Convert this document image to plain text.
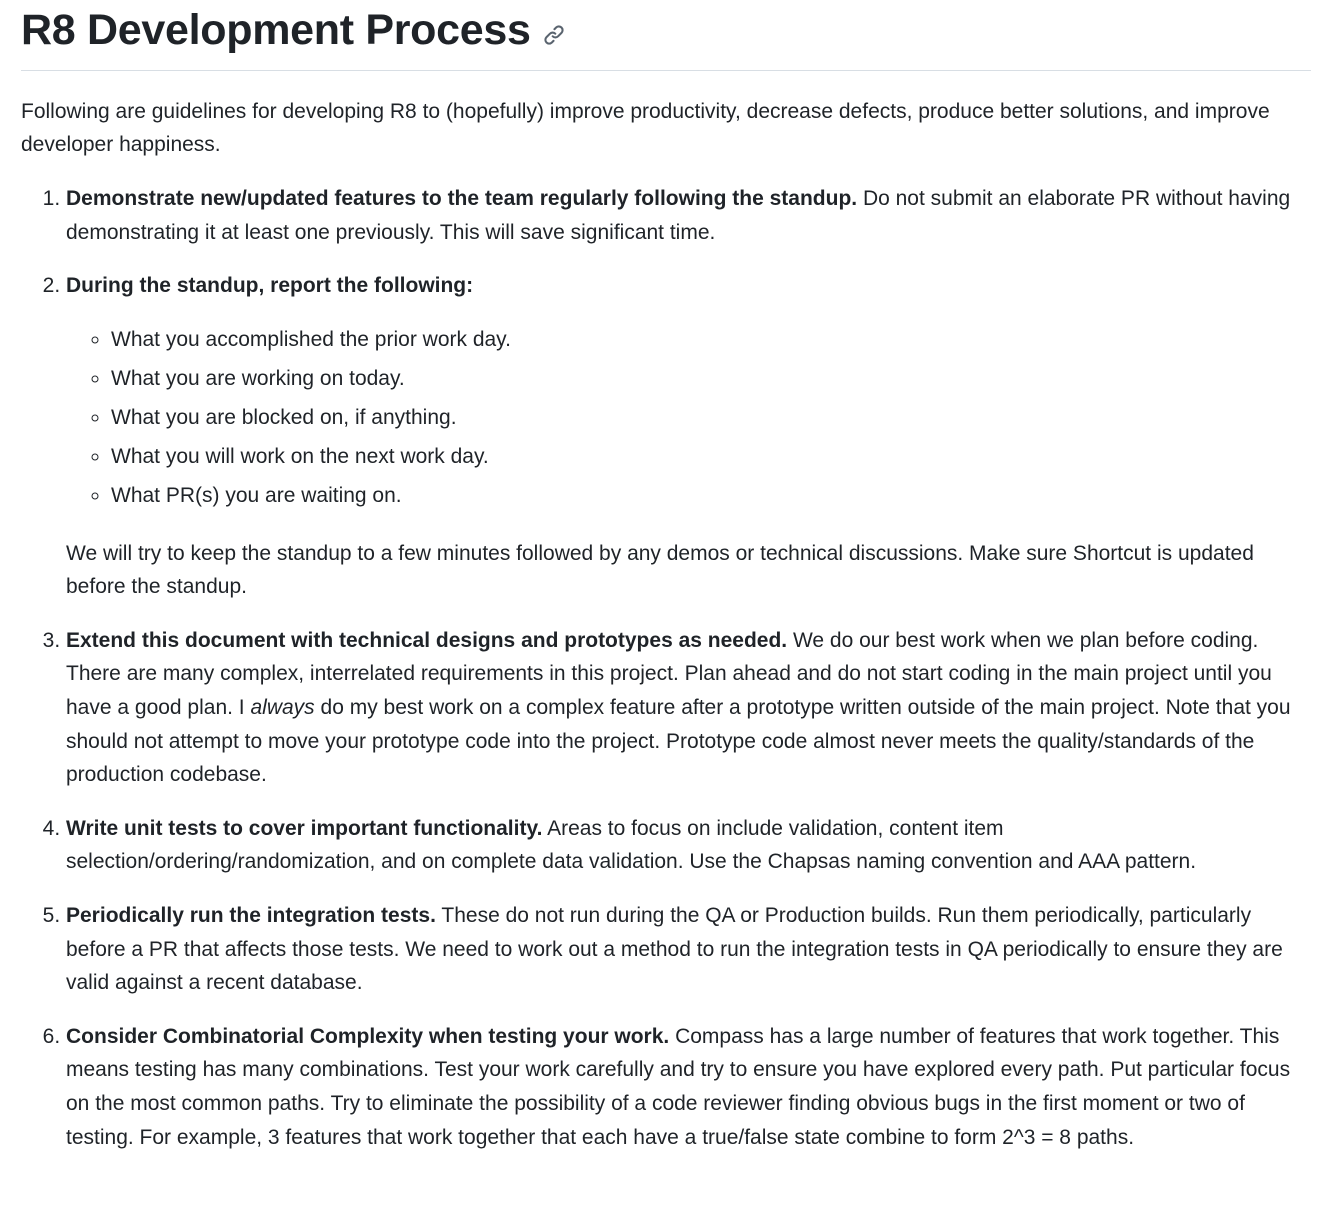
R8 Development Process

Following are guidelines for developing R8 to (hopefully) improve productivity, decrease defects, produce better solutions, and improve developer happiness.

1. Demonstrate new/updated features to the team regularly following the standup. Do not submit an elaborate PR without having demonstrating it at least one previously. This will save significant time.
2. During the standup, report the following:
◦ What you accomplished the prior work day.
◦ What you are working on today.
◦ What you are blocked on, if anything.
◦ What you will work on the next work day.
◦ What PR(s) you are waiting on.

We will try to keep the standup to a few minutes followed by any demos or technical discussions. Make sure Shortcut is updated before the standup.

3. Extend this document with technical designs and prototypes as needed. We do our best work when we plan before coding. There are many complex, interrelated requirements in this project. Plan ahead and do not start coding in the main project until you have a good plan. I always do my best work on a complex feature after a prototype written outside of the main project. Note that you should not attempt to move your prototype code into the project. Prototype code almost never meets the quality/standards of the production codebase.
4. Write unit tests to cover important functionality. Areas to focus on include validation, content item selection/ordering/randomization, and on complete data validation. Use the Chapsas naming convention and AAA pattern.
5. Periodically run the integration tests. These do not run during the QA or Production builds. Run them periodically, particularly before a PR that affects those tests. We need to work out a method to run the integration tests in QA periodically to ensure they are valid against a recent database.
6. Consider Combinatorial Complexity when testing your work. Compass has a large number of features that work together. This means testing has many combinations. Test your work carefully and try to ensure you have explored every path. Put particular focus on the most common paths. Try to eliminate the possibility of a code reviewer finding obvious bugs in the first moment or two of testing. For example, 3 features that work together that each have a true/false state combine to form 2^3 = 8 paths.
